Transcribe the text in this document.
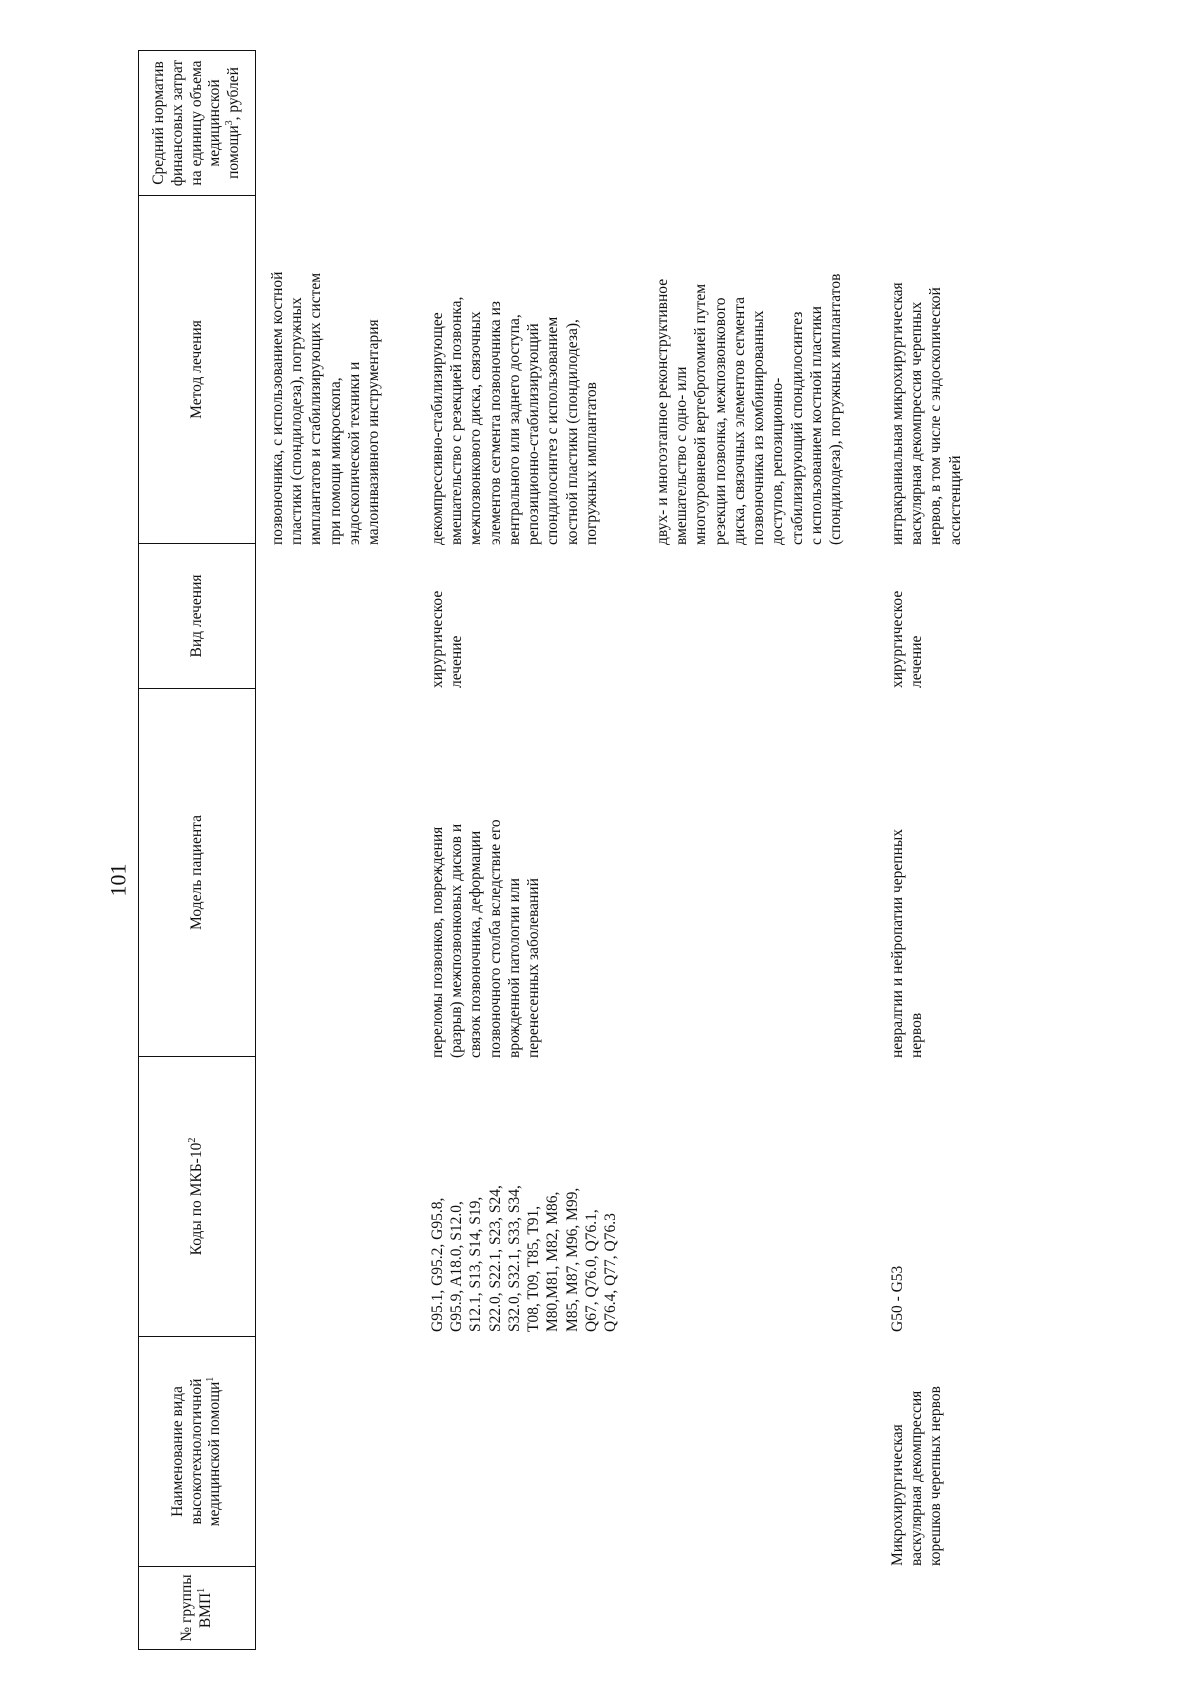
101
№ группы ВМП$^1$
Наименование вида высокотехнологичной медицинской помощи$^1$
Коды по МКБ-$10^2$
Модель пациента
Вид лечения
Метод лечения
Средний норматив финансовых затрат на единицу объема медицинской помощи$^3$, рублей
позвоночника, с использованием костной
пластики (спондилодеза), погружных
имплантатов и стабилизирующих систем
при помощи микроскопа,
эндоскопической техники и
малоинвазивного инструментария
G95.1, G95.2, G95.8,
G95.9, A18.0, S12.0,
S12.1, S13, S14, S19,
S22.0, S22.1, S23, S24,
S32.0, S32.1, S33, S34,
T08, T09, T85, T91,
M80,M81, M82, M86,
M85, M87, M96, M99,
Q67, Q76.0, Q76.1,
Q76.4, Q77, Q76.3
переломы позвонков, повреждения
(разрыв) межпозвонковых дисков и
связок позвоночника, деформации
позвоночного столба вследствие его
врожденной патологии или
перенесенных заболеваний
хирургическое
лечение
декомпрессивно-стабилизирующее
вмешательство с резекцией позвонка,
межпозвонкового диска, связочных
элементов сегмента позвоночника из
вентрального или заднего доступа,
репозиционно-стабилизирующий
спондилосинтез с использованием
костной пластики (спондилодеза),
погружных имплантатов
двух- и многоэтапное реконструктивное
вмешательство с одно- или
многоуровневой вертебротомией путем
резекции позвонка, межпозвонкового
диска, связочных элементов сегмента
позвоночника из комбинированных
доступов, репозиционно-
стабилизирующий спондилосинтез
с использованием костной пластики
(спондилодеза), погружных имплантатов
Микрохирургическая
васкулярная декомпрессия
корешков черепных нервов
G50 - G53
невралгии и нейропатии черепных
нервов
хирургическое
лечение
интракраниальная микрохирургическая
васкулярная декомпрессия черепных
нервов, в том числе с эндоскопической
ассистенцией
